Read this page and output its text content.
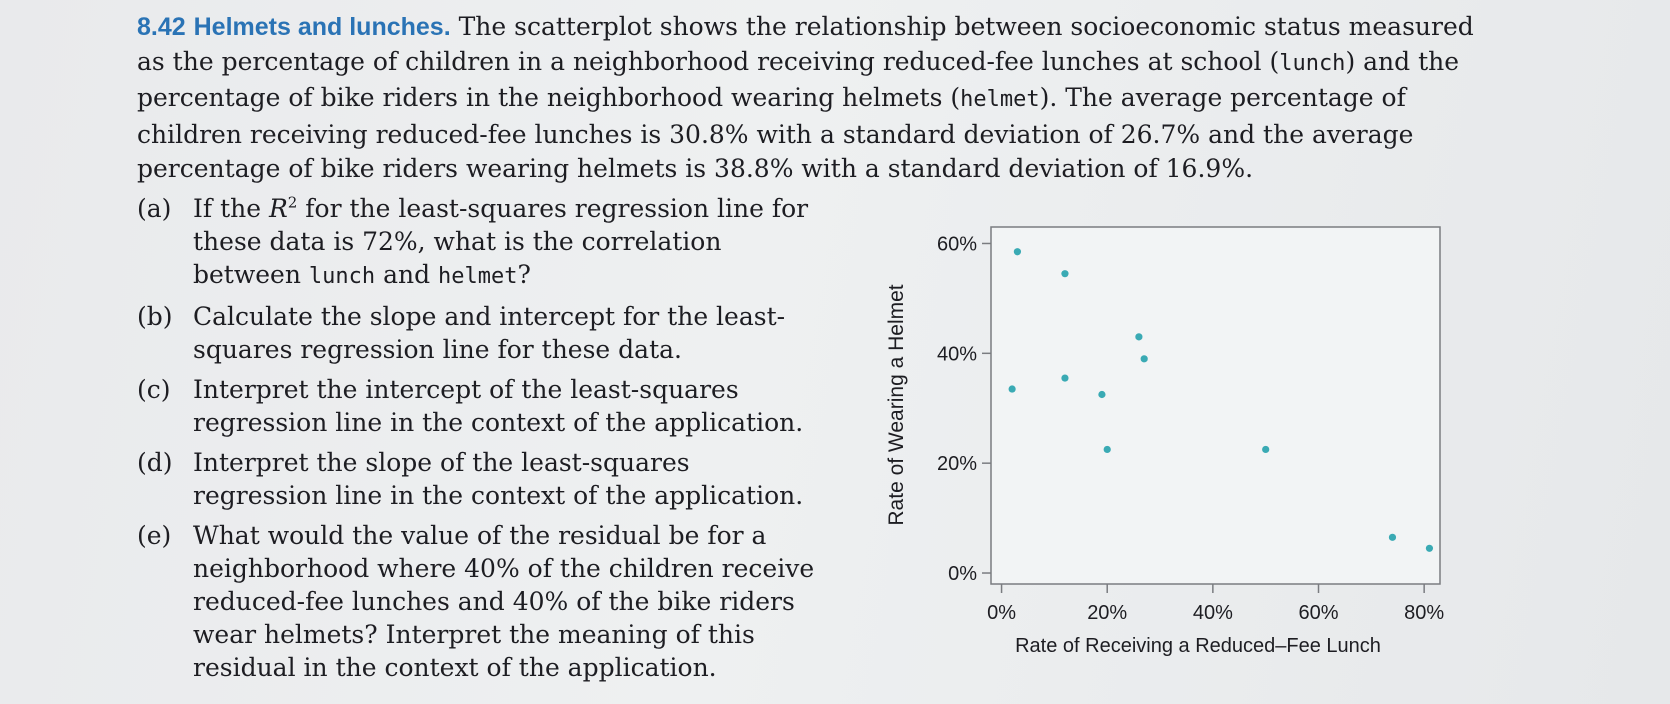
8.42 Helmets and lunches. The scatterplot shows the relationship between socioeconomic status measured as the percentage of children in a neighborhood receiving reduced-fee lunches at school (lunch) and the percentage of bike riders in the neighborhood wearing helmets (helmet). The average percentage of children receiving reduced-fee lunches is 30.8% with a standard deviation of 26.7% and the average percentage of bike riders wearing helmets is 38.8% with a standard deviation of 16.9%.
(a) If the $R^2$ for the least-squares regression line for these data is 72%, what is the correlation between lunch and helmet?
(b) Calculate the slope and intercept for the least-squares regression line for these data.
(c) Interpret the intercept of the least-squares regression line in the context of the application.
(d) Interpret the slope of the least-squares regression line in the context of the application.
(e) What would the value of the residual be for a neighborhood where 40% of the children receive reduced-fee lunches and 40% of the bike riders wear helmets? Interpret the meaning of this residual in the context of the application.
Rate of Wearing a Helmet
Rate of Receiving a Reduced–Fee Lunch
0%	20%	40%	60%	80%
0%
20%
40%
60%
